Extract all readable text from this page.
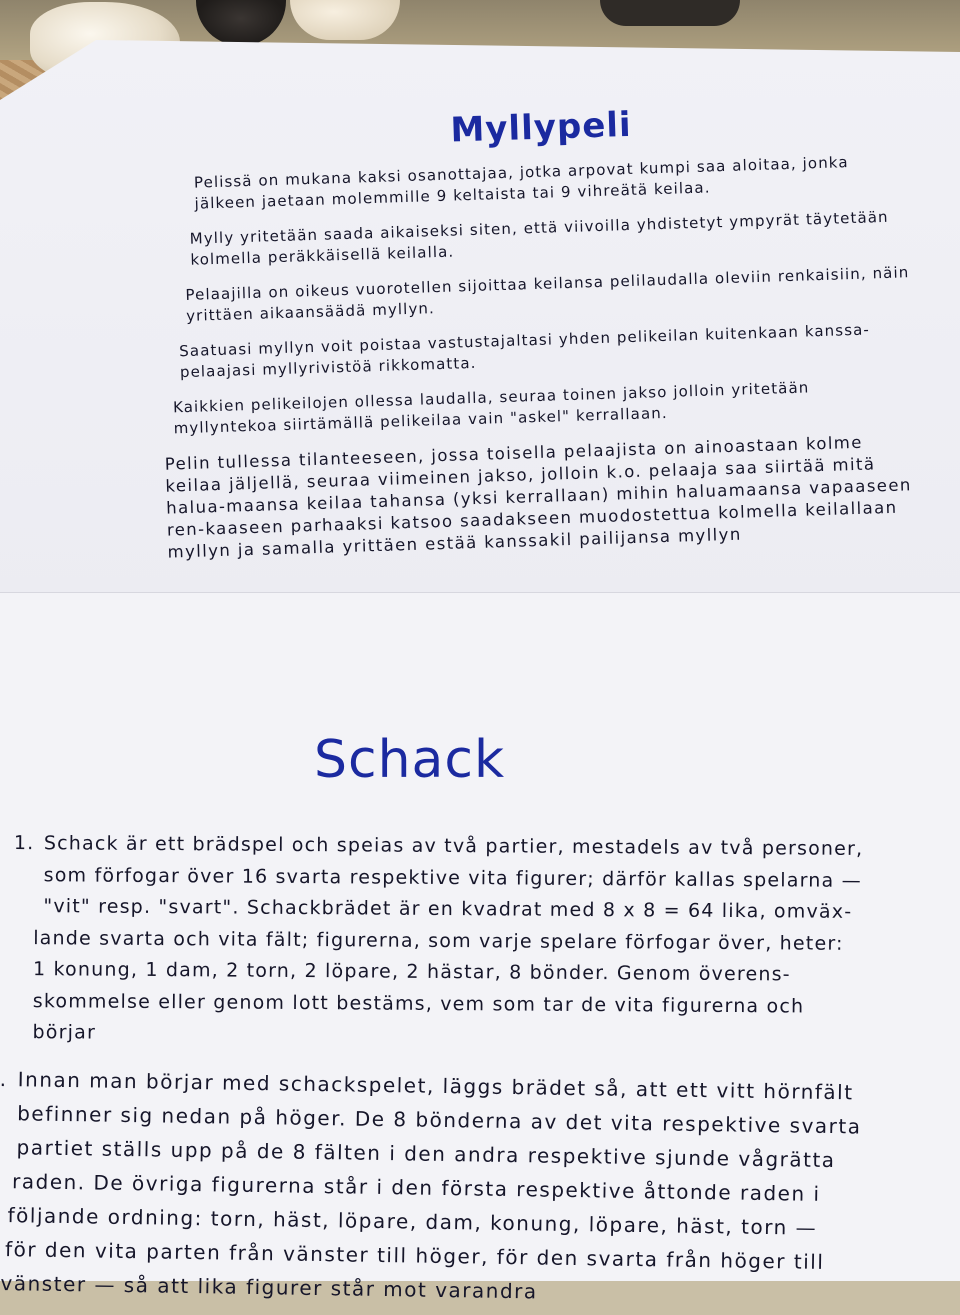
Myllypeli

Pelissä on mukana kaksi osanottajaa, jotka arpovat kumpi saa aloitaa, jonka jälkeen jaetaan molemmille 9 keltaista tai 9 vihreätä keilaa.

Mylly yritetään saada aikaiseksi siten, että viivoilla yhdistetyt ympyrät täytetään kolmella peräkkäisellä keilalla.

Pelaajilla on oikeus vuorotellen sijoittaa keilansa pelilaudalla oleviin renkaisiin, näin yrittäen aikaansäädä myllyn.

Saatuasi myllyn voit poistaa vastustajaltasi yhden pelikeilan kuitenkaan kanssa-pelaajasi myllyrivistöä rikkomatta.

Kaikkien pelikeilojen ollessa laudalla, seuraa toinen jakso jolloin yritetään myllyntekoa siirtämällä pelikeilaa vain "askel" kerrallaan.

Pelin tullessa tilanteeseen, jossa toisella pelaajista on ainoastaan kolme keilaa jäljellä, seuraa viimeinen jakso, jolloin k.o. pelaaja saa siirtää mitä halua-maansa keilaa tahansa (yksi kerrallaan) mihin haluamaansa vapaaseen ren-kaaseen parhaaksi katsoo saadakseen muodostettua kolmella keilallaan myllyn ja samalla yrittäen estää kanssakil pailijansa myllyn

Schack
1. Schack är ett brädspel och speias av två partier, mestadels av två personer,
som förfogar över 16 svarta respektive vita figurer; därför kallas spelarna —
"vit" resp. "svart". Schackbrädet är en kvadrat med 8 x 8 = 64 lika, omväx-
lande svarta och vita fält; figurerna, som varje spelare förfogar över, heter:
1 konung, 1 dam, 2 torn, 2 löpare, 2 hästar, 8 bönder. Genom överens-
skommelse eller genom lott bestäms, vem som tar de vita figurerna och
börjar
. Innan man börjar med schackspelet, läggs brädet så, att ett vitt hörnfält
befinner sig nedan på höger. De 8 bönderna av det vita respektive svarta
partiet ställs upp på de 8 fälten i den andra respektive sjunde vågrätta
raden. De övriga figurerna står i den första respektive åttonde raden i
följande ordning: torn, häst, löpare, dam, konung, löpare, häst, torn —
för den vita parten från vänster till höger, för den svarta från höger till
vänster — så att lika figurer står mot varandra
